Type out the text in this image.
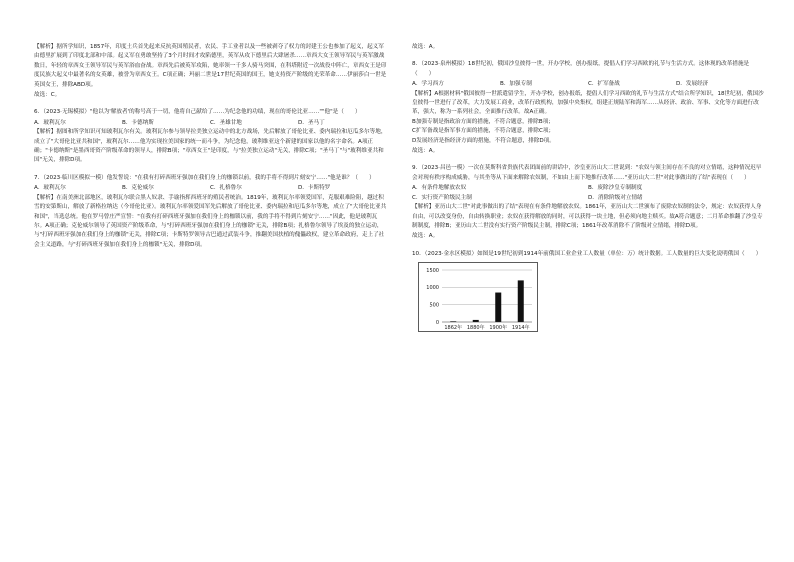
【解析】据所学知识，1857年，印度土兵首先起来反抗英国殖民者，农民、手工业者以及一些被剥夺了权力的封建王公也参加了起义，起义军由德里扩展到了印度北部和中部。起义军在勇敢坚持了3个月时间才攻陷德里，英军从攻下德里后大肆屠杀……章西大女王领导军民与英军激战数日，年轻的章西女王领导军民与英军浴血奋战。章西先后被英军攻陷，她率领一千多人骑马突围，在科塔附近一次战役中阵亡，章西女王是印度民族大起义中最著名的女英雄，被誉为章西女王。C项正确；玛丽二世是17世纪英国的国王，她支持资产阶级的光荣革命……伊丽莎白一世是英国女王，排除ABD项。

故选：C。

6．（2023·无锡模拟）"他以为'解放者'的称号高于一切，他将自己献给了……为纪念他的功绩，现在的哥伦比亚……""他"是（　　）

A．玻利瓦尔	B．卡德纳斯	C．圣雄甘地	D．圣马丁

【解析】据图和所学知识可知玻利瓦尔有关。玻利瓦尔参与领导拉美独立运动中的北方战场，先后解放了哥伦比亚、委内瑞拉和厄瓜多尔等地，成立了"大哥伦比亚共和国"，玻利瓦尔……他为实现拉美国家的统一而斗争，为纪念他，玻利维亚这个新建的国家以他的名字命名。A项正确；"卡德纳斯"是墨西哥资产阶级革命的领导人，排除B项；"章西女王"是印度，与"拉美独立运动"无关，排除C项；"圣马丁"与"玻利维亚共和国"无关，排除D项。

7．（2023·临川区模拟一模）他发誓说："在我有打碎西班牙强加在我们身上的枷锁以前，我的手将不得到片刻安宁……"他是谁？（　　）

A．玻利瓦尔	B．克伦威尔	C．扎格鲁尔	D．卡斯特罗

【解析】在南美洲北部地区，玻利瓦尔联合黑人奴隶、手谕指挥西班牙的殖民者统治。1819年，玻利瓦尔率领爱国军，克服艰难险阻，越过积雪的安第斯山，解放了新格拉纳达（今哥伦比亚）。玻利瓦尔率领爱国军先后解放了哥伦比亚、委内瑞拉和厄瓜多尔等地，成立了"大哥伦比亚共和国"，当选总统。他在罗马曾庄严宣誓："在我有打碎西班牙强加在我们身上的枷锁以前，我的手将不得到片刻安宁……"因此，他是玻利瓦尔。A项正确；克伦威尔领导了英国资产阶级革命，与"打碎西班牙强加在我们身上的枷锁"无关，排除B项；扎格鲁尔领导了埃及的独立运动，与"打碎西班牙强加在我们身上的枷锁"无关，排除C项；卡斯特罗领导古巴通过武装斗争，推翻美国扶植的傀儡政权，建立革命政府，走上了社会主义道路，与"打碎西班牙强加在我们身上的枷锁"无关，排除D项。

故选：A。

8．（2023·泉州模拟）18世纪初，俄国沙皇彼得一世，开办学校，创办报纸，提倡人们学习西欧的礼节与生活方式。这体现的改革措施是（　　）

A．学习西方	B．加强专制	C．扩军备战	D．发展经济

【解析】A根据材料"俄国彼得一世派遣留学生，开办学校，创办报纸，提倡人们学习西欧的礼节与生活方式"结合所学知识，18世纪初，俄国沙皇彼得一世进行了改革，大力发展工商业，改革行政机构，加强中央集权，组建正规陆军和海军……从经济、政治、军事、文化等方面进行改革，强大，称为一系列社会，全面推行改革。故A正确。
B加强专制是指政治方面的措施，不符合题意，排除B项；
C扩军备战是指军事方面的措施，不符合题意，排除C项；
D发展经济是指经济方面的措施，不符合题意，排除D项。

故选：A。

9．（2023·昌邑一模）一次在莫斯科省贵族代表团面前的讲话中，沙皇亚历山大二世说到："农奴与领主间存在不良的对立情绪，这种情况迟早会对现有秩序构成威胁，与其坐等从下面来解除农奴制，不如由上而下地推行改革……"亚历山大二世"对此事做出的了结"表现在（　　）

A．有条件地解放农奴	B．废除沙皇专制制度
C．实行资产阶级民主制	D．消除阶级对立情绪

【解析】亚历山大二世"对此事做出的了结"表现在有条件地解放农奴。1861年，亚历山大二世颁布了废除农奴制的法令，规定：农奴获得人身自由，可以改变身份，自由转换职业；农奴在获得解放的同时，可以获得一块土地，但必须向地主赎买。故A符合题意；二月革命推翻了沙皇专制制度，排除B；亚历山大二世没有实行资产阶级民主制，排除C项；1861年改革消除不了阶级对立情绪，排除D项。

故选：A。

10．（2023·金水区模拟）如图是19世纪初到1914年前俄国工业企业工人数量（单位：万）统计数据。工人数量的巨大变化说明俄国（　　）

0
500
1000
1500
1862年 1880年 1900年 1914年
